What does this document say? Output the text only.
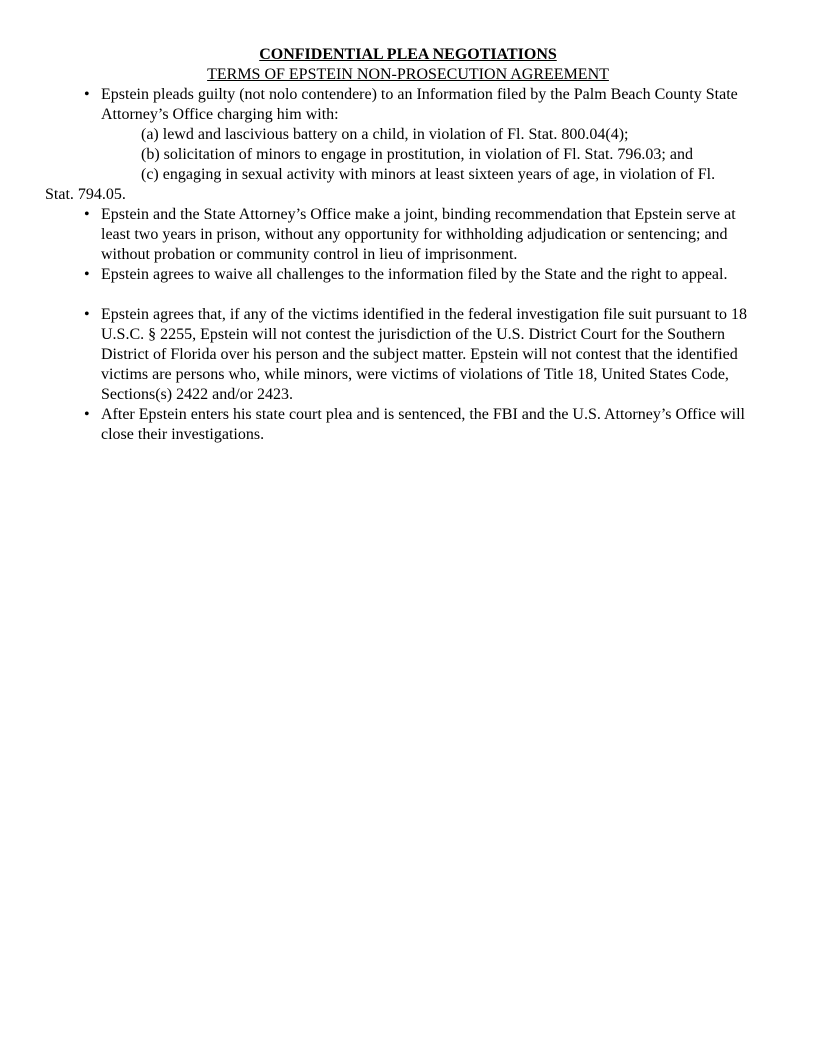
CONFIDENTIAL PLEA NEGOTIATIONS
TERMS OF EPSTEIN NON-PROSECUTION AGREEMENT
• Epstein pleads guilty (not nolo contendere) to an Information filed by the Palm Beach County State Attorney’s Office charging him with:
(a) lewd and lascivious battery on a child, in violation of Fl. Stat. 800.04(4);
(b) solicitation of minors to engage in prostitution, in violation of Fl. Stat. 796.03; and
(c) engaging in sexual activity with minors at least sixteen years of age, in violation of Fl.
Stat. 794.05.
• Epstein and the State Attorney’s Office make a joint, binding recommendation that Epstein serve at least two years in prison, without any opportunity for withholding adjudication or sentencing; and without probation or community control in lieu of imprisonment.
• Epstein agrees to waive all challenges to the information filed by the State and the right to appeal.
• Epstein agrees that, if any of the victims identified in the federal investigation file suit pursuant to 18 U.S.C. § 2255, Epstein will not contest the jurisdiction of the U.S. District Court for the Southern District of Florida over his person and the subject matter. Epstein will not contest that the identified victims are persons who, while minors, were victims of violations of Title 18, United States Code, Sections(s) 2422 and/or 2423.
• After Epstein enters his state court plea and is sentenced, the FBI and the U.S. Attorney’s Office will close their investigations.
